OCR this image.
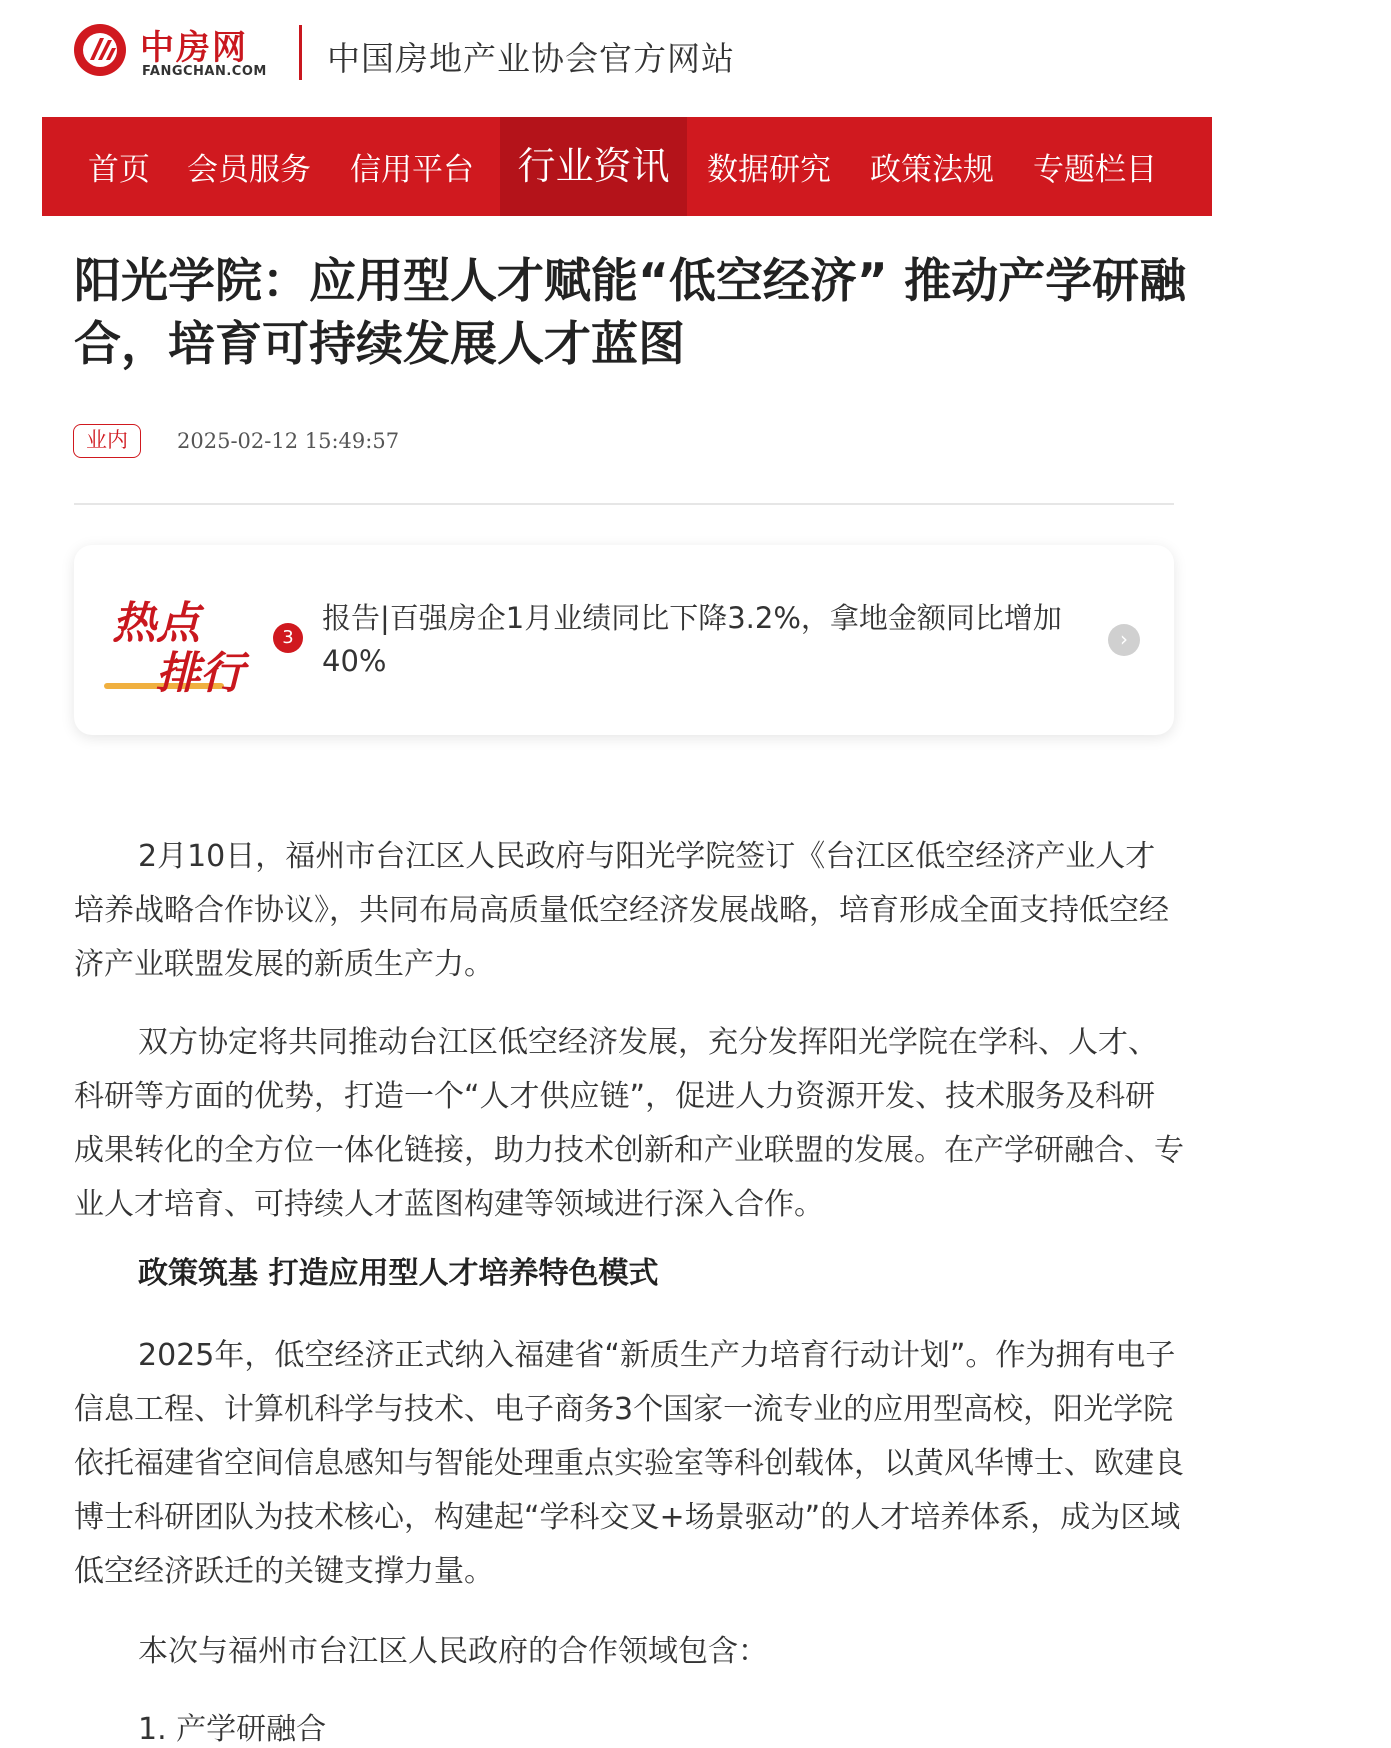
中房网
FANGCHAN.COM 中国房地产业协会官方网站
首页 会员服务 信用平台	行业资讯	数据研究 政策法规 专题栏目
阳光学院：应用型人才赋能“低空经济” 推动产学研融合，培育可持续发展人才蓝图
业内	2025-02-12 15:49:57
热点
排行
3
报告|百强房企1月业绩同比下降3.2%，拿地金额同比增加40%
›

2月10日，福州市台江区人民政府与阳光学院签订《台江区低空经济产业人才培养战略合作协议》，共同布局高质量低空经济发展战略，培育形成全面支持低空经济产业联盟发展的新质生产力。

双方协定将共同推动台江区低空经济发展，充分发挥阳光学院在学科、人才、科研等方面的优势，打造一个“人才供应链”，促进人力资源开发、技术服务及科研成果转化的全方位一体化链接，助力技术创新和产业联盟的发展。在产学研融合、专业人才培育、可持续人才蓝图构建等领域进行深入合作。

政策筑基 打造应用型人才培养特色模式

2025年，低空经济正式纳入福建省“新质生产力培育行动计划”。作为拥有电子信息工程、计算机科学与技术、电子商务3个国家一流专业的应用型高校，阳光学院依托福建省空间信息感知与智能处理重点实验室等科创载体，以黄风华博士、欧建良博士科研团队为技术核心，构建起“学科交叉+场景驱动”的人才培养体系，成为区域低空经济跃迁的关键支撑力量。

本次与福州市台江区人民政府的合作领域包含：

1. 产学研融合
